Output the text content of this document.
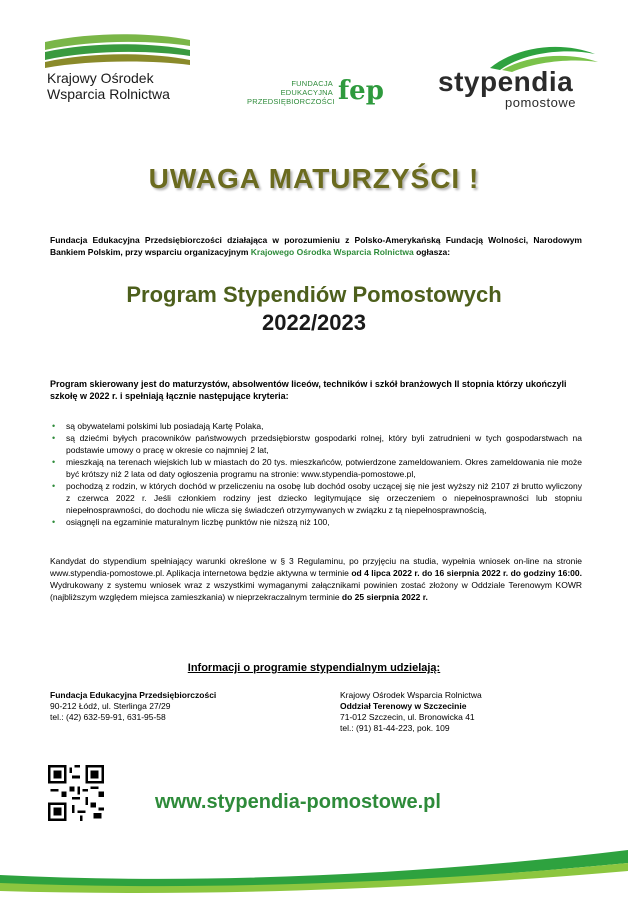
Krajowy Ośrodek
Wsparcia Rolnictwa
FUNDACJA
EDUKACYJNA
PRZEDSIĘBIORCZOŚCI fep stypendia
pomostowe
UWAGA MATURZYŚCI !
Fundacja Edukacyjna Przedsiębiorczości działająca w porozumieniu z Polsko-Amerykańską Fundacją Wolności, Narodowym Bankiem Polskim, przy wsparciu organizacyjnym Krajowego Ośrodka Wsparcia Rolnictwa ogłasza:
Program Stypendiów Pomostowych
2022/2023
Program skierowany jest do maturzystów, absolwentów liceów, techników i szkół branżowych II stopnia którzy ukończyli szkołę w 2022 r. i spełniają łącznie następujące kryteria:
• są obywatelami polskimi lub posiadają Kartę Polaka,
• są dziećmi byłych pracowników państwowych przedsiębiorstw gospodarki rolnej, który byli zatrudnieni w tych gospodarstwach na podstawie umowy o pracę w okresie co najmniej 2 lat,
• mieszkają na terenach wiejskich lub w miastach do 20 tys. mieszkańców, potwierdzone zameldowaniem. Okres zameldowania nie może być krótszy niż 2 lata od daty ogłoszenia programu na stronie: www.stypendia-pomostowe.pl,
• pochodzą z rodzin, w których dochód w przeliczeniu na osobę lub dochód osoby uczącej się nie jest wyższy niż 2107 zł brutto wyliczony z czerwca 2022 r. Jeśli członkiem rodziny jest dziecko legitymujące się orzeczeniem o niepełnosprawności lub stopniu niepełnosprawności, do dochodu nie wlicza się świadczeń otrzymywanych w związku z tą niepełnosprawnością,
• osiągnęli na egzaminie maturalnym liczbę punktów nie niższą niż 100,
Kandydat do stypendium spełniający warunki określone w § 3 Regulaminu, po przyjęciu na studia, wypełnia wniosek on-line na stronie www.stypendia-pomostowe.pl. Aplikacja internetowa będzie aktywna w terminie od 4 lipca 2022 r. do 16 sierpnia 2022 r. do godziny 16:00. Wydrukowany z systemu wniosek wraz z wszystkimi wymaganymi załącznikami powinien zostać złożony w Oddziale Terenowym KOWR (najbliższym względem miejsca zamieszkania) w nieprzekraczalnym terminie do 25 sierpnia 2022 r.
Informacji o programie stypendialnym udzielają:
Fundacja Edukacyjna Przedsiębiorczości
90-212 Łódź, ul. Sterlinga 27/29
tel.: (42) 632-59-91, 631-95-58
Krajowy Ośrodek Wsparcia Rolnictwa
Oddział Terenowy w Szczecinie
71-012 Szczecin, ul. Bronowicka 41
tel.: (91) 81-44-223, pok. 109
www.stypendia-pomostowe.pl
